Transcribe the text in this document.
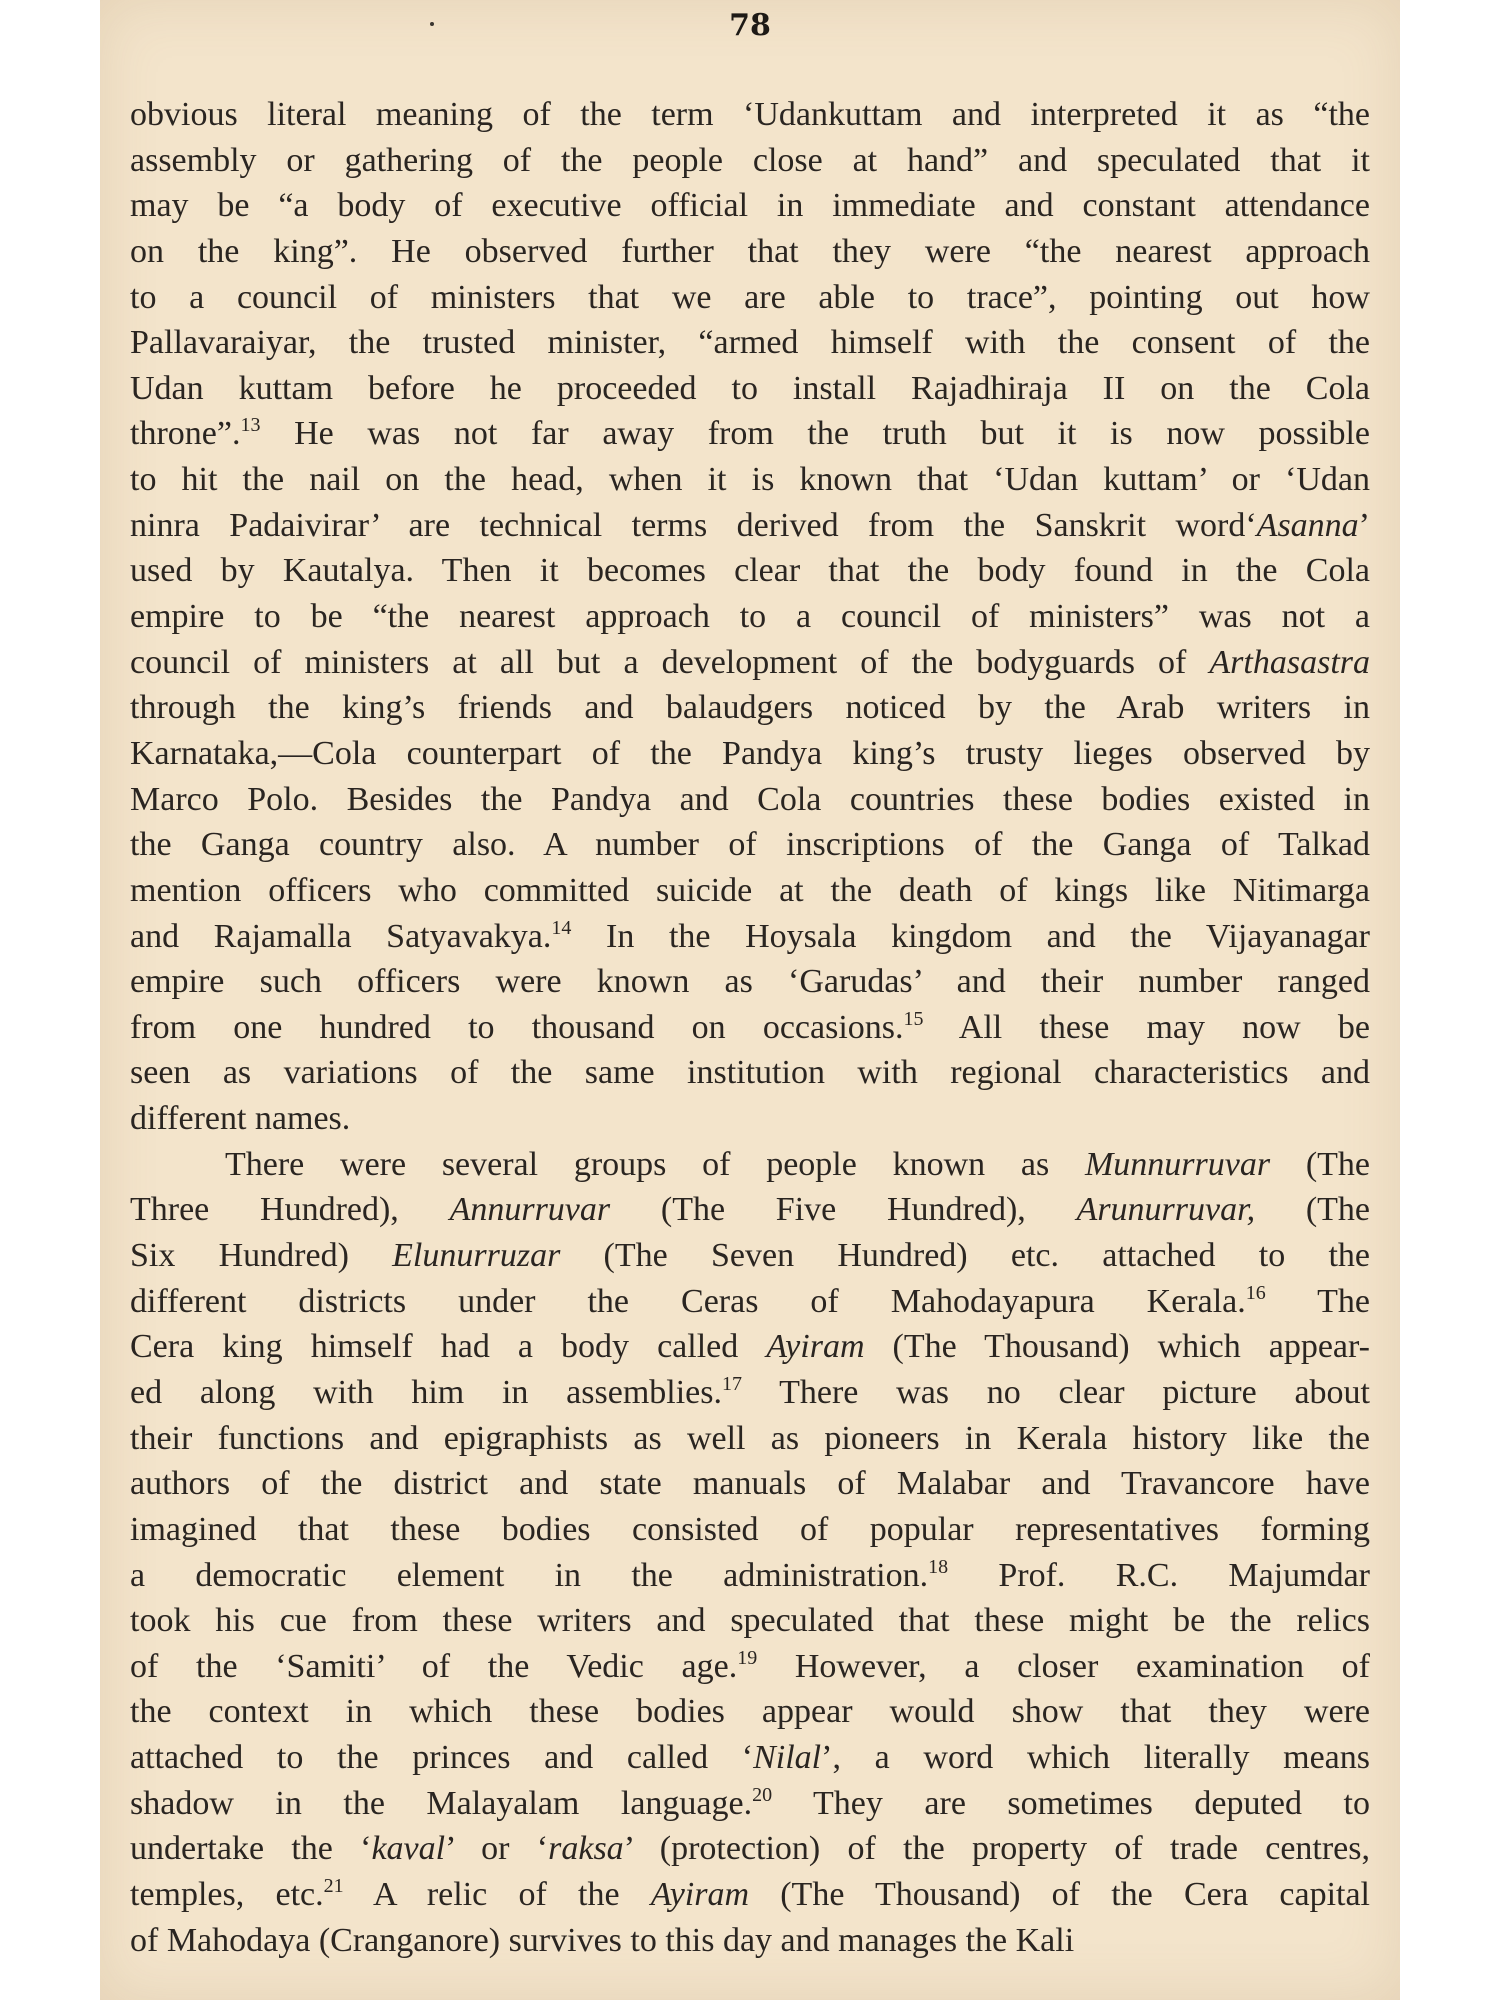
78
obvious literal meaning of the term ‘Udankuttam and interpreted it as “the
assembly or gathering of the people close at hand” and speculated that it
may be “a body of executive official in immediate and constant attendance
on the king”. He observed further that they were “the nearest approach
to a council of ministers that we are able to trace”, pointing out how
Pallavaraiyar, the trusted minister, “armed himself with the consent of the
Udan kuttam before he proceeded to install Rajadhiraja II on the Cola
throne”.$^{13}$ He was not far away from the truth but it is now possible
to hit the nail on the head, when it is known that ‘Udan kuttam’ or ‘Udan
ninra Padaivirar’ are technical terms derived from the Sanskrit word‘Asanna’
used by Kautalya. Then it becomes clear that the body found in the Cola
empire to be “the nearest approach to a council of ministers” was not a
council of ministers at all but a development of the bodyguards of Arthasastra
through the king’s friends and balaudgers noticed by the Arab writers in
Karnataka,—Cola counterpart of the Pandya king’s trusty lieges observed by
Marco Polo. Besides the Pandya and Cola countries these bodies existed in
the Ganga country also. A number of inscriptions of the Ganga of Talkad
mention officers who committed suicide at the death of kings like Nitimarga
and Rajamalla Satyavakya.$^{14}$ In the Hoysala kingdom and the Vijayanagar
empire such officers were known as ‘Garudas’ and their number ranged
from one hundred to thousand on occasions.$^{15}$ All these may now be
seen as variations of the same institution with regional characteristics and
different names.
There were several groups of people known as Munnurruvar (The
Three Hundred), Annurruvar (The Five Hundred), Arunurruvar, (The
Six Hundred) Elunurruzar (The Seven Hundred) etc. attached to the
different districts under the Ceras of Mahodayapura Kerala.$^{16}$ The
Cera king himself had a body called Ayiram (The Thousand) which appear-
ed along with him in assemblies.$^{17}$ There was no clear picture about
their functions and epigraphists as well as pioneers in Kerala history like the
authors of the district and state manuals of Malabar and Travancore have
imagined that these bodies consisted of popular representatives forming
a democratic element in the administration.$^{18}$ Prof. R.C. Majumdar
took his cue from these writers and speculated that these might be the relics
of the ‘Samiti’ of the Vedic age.$^{19}$ However, a closer examination of
the context in which these bodies appear would show that they were
attached to the princes and called ‘Nilal’, a word which literally means
shadow in the Malayalam language.$^{20}$ They are sometimes deputed to
undertake the ‘kaval’ or ‘raksa’ (protection) of the property of trade centres,
temples, etc.$^{21}$ A relic of the Ayiram (The Thousand) of the Cera capital
of Mahodaya (Cranganore) survives to this day and manages the Kali
